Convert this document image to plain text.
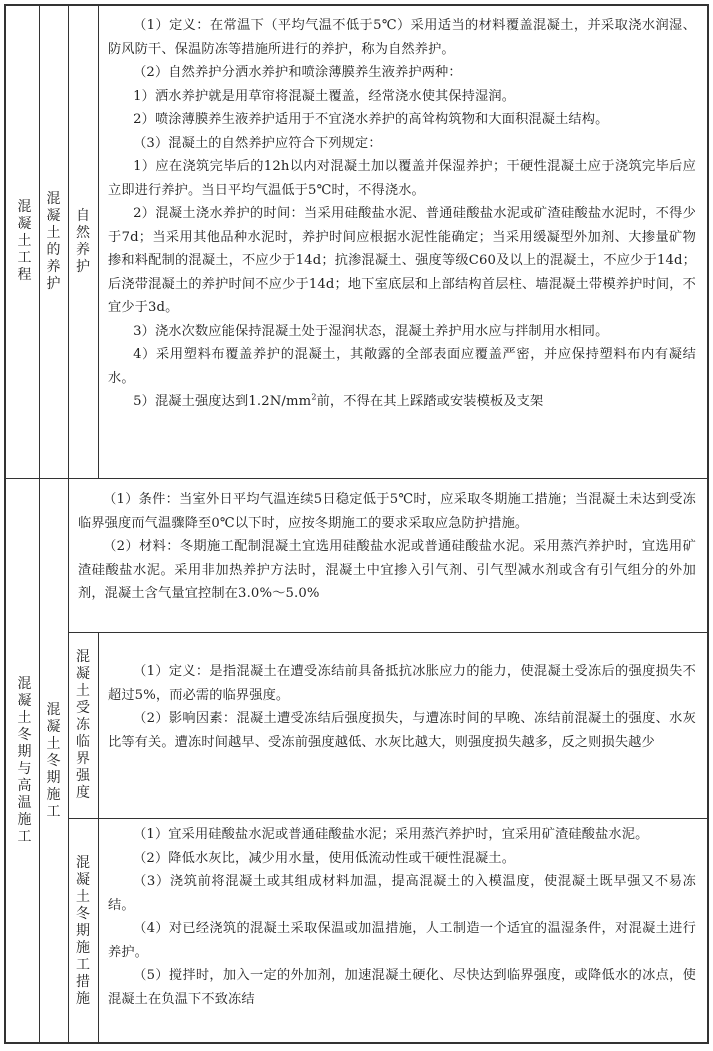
混
凝
土
工
程
混
凝
土
的
养
护
自
然
养
护

（1）定义：在常温下（平均气温不低于5℃）采用适当的材料覆盖混凝土，并采取浇水润湿、防风防干、保温防冻等措施所进行的养护，称为自然养护。

（2）自然养护分洒水养护和喷涂薄膜养生液养护两种：

1）洒水养护就是用草帘将混凝土覆盖，经常浇水使其保持湿润。

2）喷涂薄膜养生液养护适用于不宜浇水养护的高耸构筑物和大面积混凝土结构。

（3）混凝土的自然养护应符合下列规定：

1）应在浇筑完毕后的12h以内对混凝土加以覆盖并保湿养护；干硬性混凝土应于浇筑完毕后应立即进行养护。当日平均气温低于5℃时，不得浇水。

2）混凝土浇水养护的时间：当采用硅酸盐水泥、普通硅酸盐水泥或矿渣硅酸盐水泥时，不得少于7d；当采用其他品种水泥时，养护时间应根据水泥性能确定；当采用缓凝型外加剂、大掺量矿物掺和料配制的混凝土，不应少于14d；抗渗混凝土、强度等级C60及以上的混凝土，不应少于14d；后浇带混凝土的养护时间不应少于14d；地下室底层和上部结构首层柱、墙混凝土带模养护时间，不宜少于3d。

3）浇水次数应能保持混凝土处于湿润状态，混凝土养护用水应与拌制用水相同。

4）采用塑料布覆盖养护的混凝土，其敞露的全部表面应覆盖严密，并应保持塑料布内有凝结水。

5）混凝土强度达到$1.2N/mm^2$前，不得在其上踩踏或安装模板及支架

混
凝
土
冬
期
与
高
温
施
工
混
凝
土
冬
期
施
工

（1）条件：当室外日平均气温连续5日稳定低于5℃时，应采取冬期施工措施；当混凝土未达到受冻临界强度而气温骤降至0℃以下时，应按冬期施工的要求采取应急防护措施。

（2）材料：冬期施工配制混凝土宜选用硅酸盐水泥或普通硅酸盐水泥。采用蒸汽养护时，宜选用矿渣硅酸盐水泥。采用非加热养护方法时，混凝土中宜掺入引气剂、引气型减水剂或含有引气组分的外加剂，混凝土含气量宜控制在3.0%～5.0%

混
凝
土
受
冻
临
界
强
度

（1）定义：是指混凝土在遭受冻结前具备抵抗冰胀应力的能力，使混凝土受冻后的强度损失不超过5%，而必需的临界强度。

（2）影响因素：混凝土遭受冻结后强度损失，与遭冻时间的早晚、冻结前混凝土的强度、水灰比等有关。遭冻时间越早、受冻前强度越低、水灰比越大，则强度损失越多，反之则损失越少

混
凝
土
冬
期
施
工
措
施

（1）宜采用硅酸盐水泥或普通硅酸盐水泥；采用蒸汽养护时，宜采用矿渣硅酸盐水泥。

（2）降低水灰比，减少用水量，使用低流动性或干硬性混凝土。

（3）浇筑前将混凝土或其组成材料加温，提高混凝土的入模温度，使混凝土既早强又不易冻结。

（4）对已经浇筑的混凝土采取保温或加温措施，人工制造一个适宜的温湿条件，对混凝土进行养护。

（5）搅拌时，加入一定的外加剂，加速混凝土硬化、尽快达到临界强度，或降低水的冰点，使混凝土在负温下不致冻结
